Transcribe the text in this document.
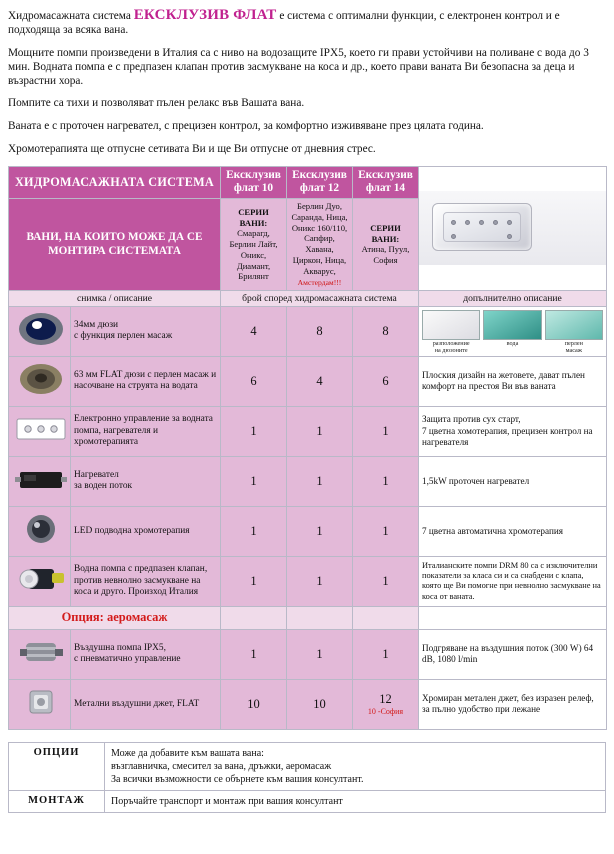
Хидромасажната система ЕКСКЛУЗИВ ФЛАТ е система с оптимални функции, с електронен контрол и е подходяща за всяка вана.

Мощните помпи произведени в Италия са с ниво на водозащите IPX5, което ги прави устойчиви на поливане с вода до 3 мин. Водната помпа е с предпазен клапан против засмукване на коса и др., което прави ваната Ви безопасна за деца и възрастни хора.

Помпите са тихи и позволяват пълен релакс във Вашата вана.

Ваната е с проточен нагревател, с прецизен контрол, за комфортно изживяване през цялата година.

Хромотерапията ще отпусне сетивата Ви и ще Ви отпусне от дневния стрес.

ХИДРОМАСАЖНАТА СИСТЕМА		Ексклузив
флат 10	Ексклузив
флат 12	Ексклузив
флат 14	

ВАНИ, НА КОИТО МОЖЕ ДА СЕ МОНТИРА СИСТЕМАТА		СЕРИИ ВАНИ:
Смарагд, Берлин Лайт, Оникс, Диамант, Брилянт	Берлин Дуо, Саранда, Ница, Оникс 160/110, Сапфир, Хавана, Циркон, Ница, Акварус,
Амстердам!!!	СЕРИИ ВАНИ:
Атина, Пуул, София	
снимка / описание		брой според хидромасажната система			допълнително описание
	34мм дюзи
с функция перлен масаж	4	8	8	
разположение
на дюзоните
вода	перлен
масаж

	63 мм FLAT дюзи с перлен масаж и насочване на струята на водата	6	4	6	Плоския дизайн на жетовете, дават пълен комфорт на престоя Ви във ваната
	Електронно управление за водната помпа, нагревателя и хромотерапията	1	1	1	Защита против сух старт,
7 цветна хомотерапия, прецизен контрол на нагревателя
	Нагревател
за воден поток	1	1	1	1,5kW проточен нагревател
	LED подводна хромотерапия	1	1	1	7 цветна автоматична хромотерапия
	Водна помпа с предпазен клапан, против невнолно засмукване на коса и друго. Произход Италия	1	1	1	Италианските помпи DRM 80 са с изключителни показатели за класа си и са снабдени с клапа, която ще Ви помогне при невнолно засмукване на коса от ваната.
Опция: аеромасаж					
	Въздушна помпа IPX5,
с пневматично управление	1	1	1	Подгряване на въздушния поток (300 W) 64 dB, 1080 l/min
	Метални въздушни джет, FLAT	10	10	12
10 -София	Хромиран метален джет, без изразен релеф, за пълно удобство при лежане
ОПЦИИ	Може да добавите към вашата вана:
възглавничка, смесител за вана, дръжки, аеромасаж
За всички възможности се обърнете към вашия консултант.

МОНТАЖ	Поръчайте транспорт и монтаж при вашия консултант
